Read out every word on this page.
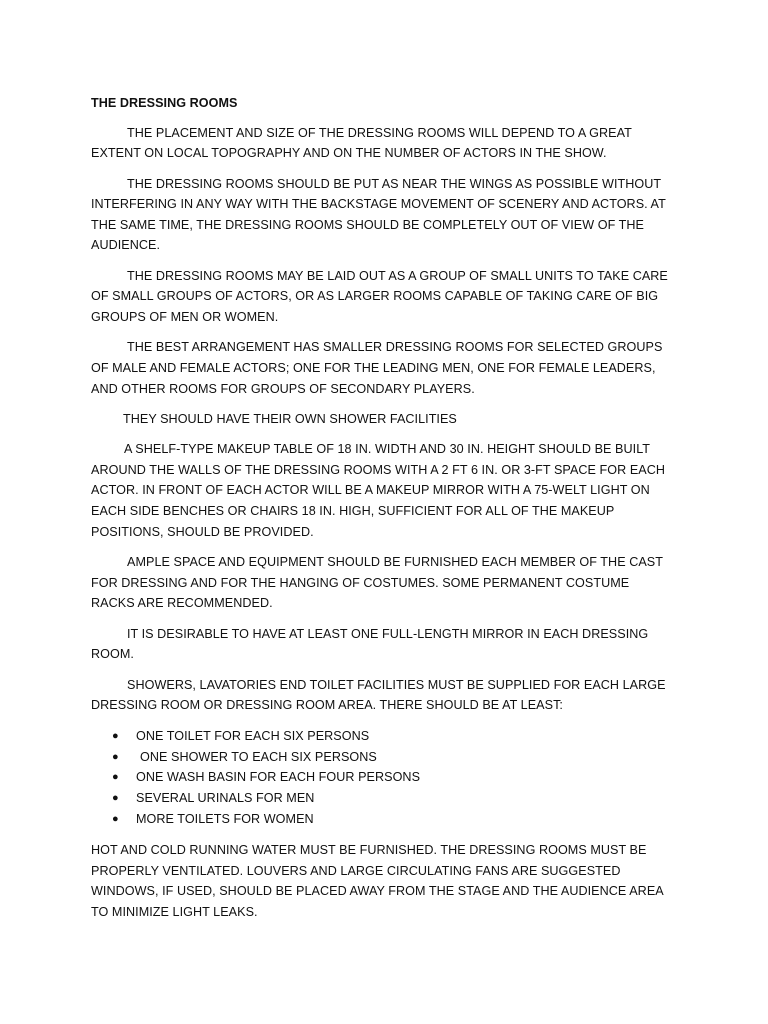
THE DRESSING ROOMS

THE PLACEMENT AND SIZE OF THE DRESSING ROOMS WILL DEPEND TO A GREAT EXTENT ON LOCAL TOPOGRAPHY AND ON THE NUMBER OF ACTORS IN THE SHOW.

THE DRESSING ROOMS SHOULD BE PUT AS NEAR THE WINGS AS POSSIBLE WITHOUT INTERFERING IN ANY WAY WITH THE BACKSTAGE MOVEMENT OF SCENERY AND ACTORS. AT THE SAME TIME, THE DRESSING ROOMS SHOULD BE COMPLETELY OUT OF VIEW OF THE AUDIENCE.

THE DRESSING ROOMS MAY BE LAID OUT AS A GROUP OF SMALL UNITS TO TAKE CARE OF SMALL GROUPS OF ACTORS, OR AS LARGER ROOMS CAPABLE OF TAKING CARE OF BIG GROUPS OF MEN OR WOMEN.

THE BEST ARRANGEMENT HAS SMALLER DRESSING ROOMS FOR SELECTED GROUPS OF MALE AND FEMALE ACTORS; ONE FOR THE LEADING MEN, ONE FOR FEMALE LEADERS, AND OTHER ROOMS FOR GROUPS OF SECONDARY PLAYERS.

THEY SHOULD HAVE THEIR OWN SHOWER FACILITIES

A SHELF-TYPE MAKEUP TABLE OF 18 IN. WIDTH AND 30 IN. HEIGHT SHOULD BE BUILT AROUND THE WALLS OF THE DRESSING ROOMS WITH A 2 FT 6 IN. OR 3-FT SPACE FOR EACH ACTOR. IN FRONT OF EACH ACTOR WILL BE A MAKEUP MIRROR WITH A 75-WELT LIGHT ON EACH SIDE BENCHES OR CHAIRS 18 IN. HIGH, SUFFICIENT FOR ALL OF THE MAKEUP POSITIONS, SHOULD BE PROVIDED.

AMPLE SPACE AND EQUIPMENT SHOULD BE FURNISHED EACH MEMBER OF THE CAST FOR DRESSING AND FOR THE HANGING OF COSTUMES. SOME PERMANENT COSTUME RACKS ARE RECOMMENDED.

IT IS DESIRABLE TO HAVE AT LEAST ONE FULL-LENGTH MIRROR IN EACH DRESSING ROOM.

SHOWERS, LAVATORIES END TOILET FACILITIES MUST BE SUPPLIED FOR EACH LARGE DRESSING ROOM OR DRESSING ROOM AREA. THERE SHOULD BE AT LEAST:

● ONE TOILET FOR EACH SIX PERSONS
● ONE SHOWER TO EACH SIX PERSONS
● ONE WASH BASIN FOR EACH FOUR PERSONS
● SEVERAL URINALS FOR MEN
● MORE TOILETS FOR WOMEN

HOT AND COLD RUNNING WATER MUST BE FURNISHED. THE DRESSING ROOMS MUST BE PROPERLY VENTILATED. LOUVERS AND LARGE CIRCULATING FANS ARE SUGGESTED WINDOWS, IF USED, SHOULD BE PLACED AWAY FROM THE STAGE AND THE AUDIENCE AREA TO MINIMIZE LIGHT LEAKS.
